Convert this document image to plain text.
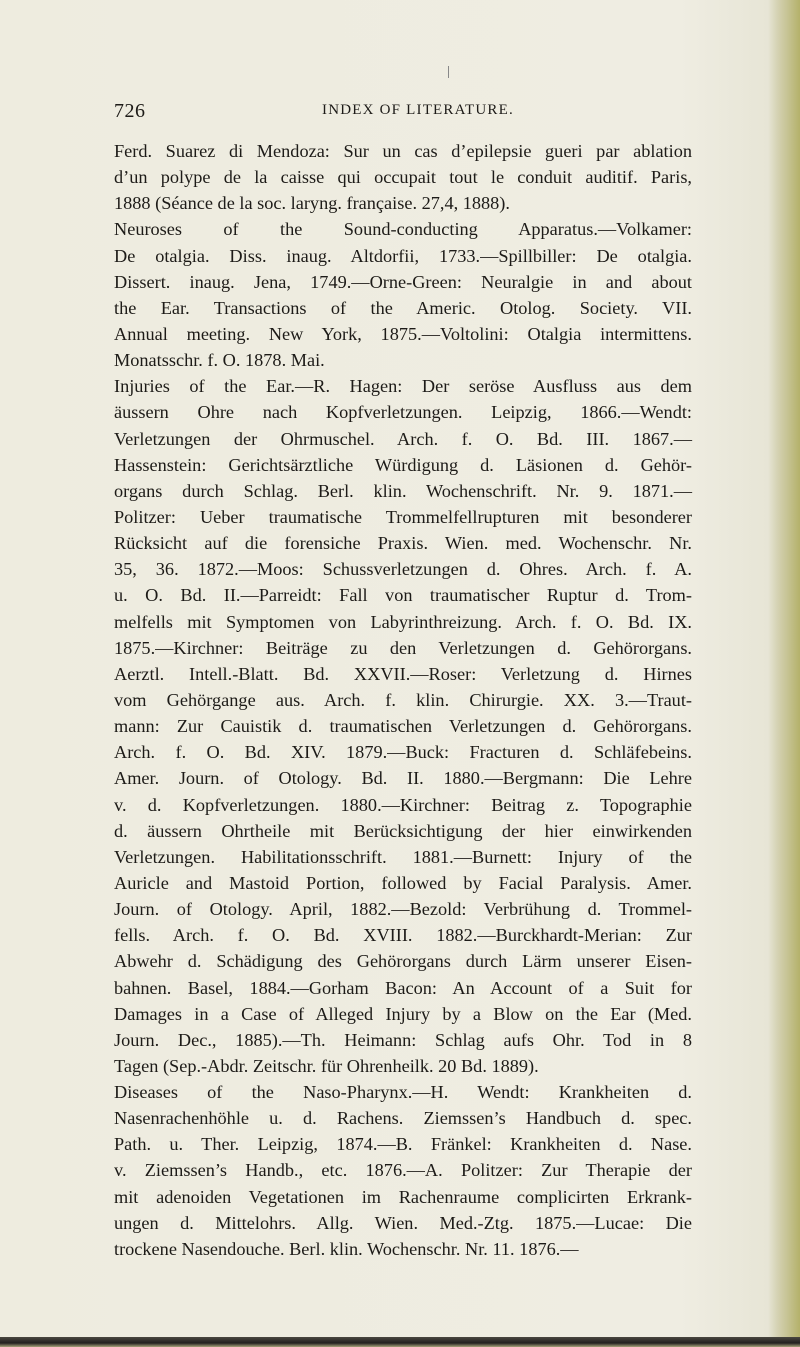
726	INDEX OF LITERATURE.
Ferd. Suarez di Mendoza: Sur un cas d’epilepsie gueri par ablation
d’un polype de la caisse qui occupait tout le conduit auditif. Paris,
1888 (Séance de la soc. laryng. française. 27,4, 1888).
Neuroses of the Sound-conducting Apparatus.—Volkamer:
De otalgia. Diss. inaug. Altdorfii, 1733.—Spillbiller: De otalgia.
Dissert. inaug. Jena, 1749.—Orne-Green: Neuralgie in and about
the Ear. Transactions of the Americ. Otolog. Society. VII.
Annual meeting. New York, 1875.—Voltolini: Otalgia intermittens.
Monatsschr. f. O. 1878. Mai.
Injuries of the Ear.—R. Hagen: Der seröse Ausfluss aus dem
äussern Ohre nach Kopfverletzungen. Leipzig, 1866.—Wendt:
Verletzungen der Ohrmuschel. Arch. f. O. Bd. III. 1867.—
Hassenstein: Gerichtsärztliche Würdigung d. Läsionen d. Gehör-
organs durch Schlag. Berl. klin. Wochenschrift. Nr. 9. 1871.—
Politzer: Ueber traumatische Trommelfellrupturen mit besonderer
Rücksicht auf die forensiche Praxis. Wien. med. Wochenschr. Nr.
35, 36. 1872.—Moos: Schussverletzungen d. Ohres. Arch. f. A.
u. O. Bd. II.—Parreidt: Fall von traumatischer Ruptur d. Trom-
melfells mit Symptomen von Labyrinthreizung. Arch. f. O. Bd. IX.
1875.—Kirchner: Beiträge zu den Verletzungen d. Gehörorgans.
Aerztl. Intell.-Blatt. Bd. XXVII.—Roser: Verletzung d. Hirnes
vom Gehörgange aus. Arch. f. klin. Chirurgie. XX. 3.—Traut-
mann: Zur Cauistik d. traumatischen Verletzungen d. Gehörorgans.
Arch. f. O. Bd. XIV. 1879.—Buck: Fracturen d. Schläfebeins.
Amer. Journ. of Otology. Bd. II. 1880.—Bergmann: Die Lehre
v. d. Kopfverletzungen. 1880.—Kirchner: Beitrag z. Topographie
d. äussern Ohrtheile mit Berücksichtigung der hier einwirkenden
Verletzungen. Habilitationsschrift. 1881.—Burnett: Injury of the
Auricle and Mastoid Portion, followed by Facial Paralysis. Amer.
Journ. of Otology. April, 1882.—Bezold: Verbrühung d. Trommel-
fells. Arch. f. O. Bd. XVIII. 1882.—Burckhardt-Merian: Zur
Abwehr d. Schädigung des Gehörorgans durch Lärm unserer Eisen-
bahnen. Basel, 1884.—Gorham Bacon: An Account of a Suit for
Damages in a Case of Alleged Injury by a Blow on the Ear (Med.
Journ. Dec., 1885).—Th. Heimann: Schlag aufs Ohr. Tod in 8
Tagen (Sep.-Abdr. Zeitschr. für Ohrenheilk. 20 Bd. 1889).
Diseases of the Naso-Pharynx.—H. Wendt: Krankheiten d.
Nasenrachenhöhle u. d. Rachens. Ziemssen’s Handbuch d. spec.
Path. u. Ther. Leipzig, 1874.—B. Fränkel: Krankheiten d. Nase.
v. Ziemssen’s Handb., etc. 1876.—A. Politzer: Zur Therapie der
mit adenoiden Vegetationen im Rachenraume complicirten Erkrank-
ungen d. Mittelohrs. Allg. Wien. Med.-Ztg. 1875.—Lucae: Die
trockene Nasendouche. Berl. klin. Wochenschr. Nr. 11. 1876.—
